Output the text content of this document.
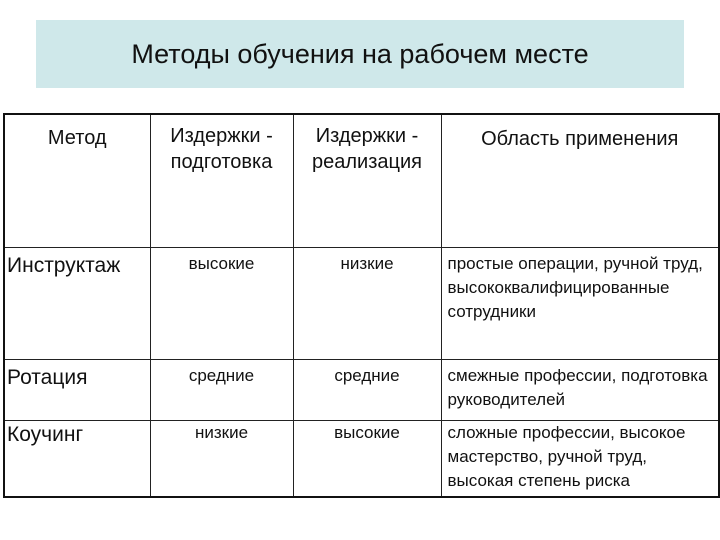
Методы обучения на рабочем месте
Метод	Издержки - подготовка	Издержки - реализация	Область применения
Инструктаж	высокие	низкие	простые операции, ручной труд, высококвалифицированные сотрудники
Ротация	средние	средние	смежные профессии, подготовка руководителей
Коучинг	низкие	высокие	сложные профессии, высокое мастерство, ручной труд, высокая степень риска
